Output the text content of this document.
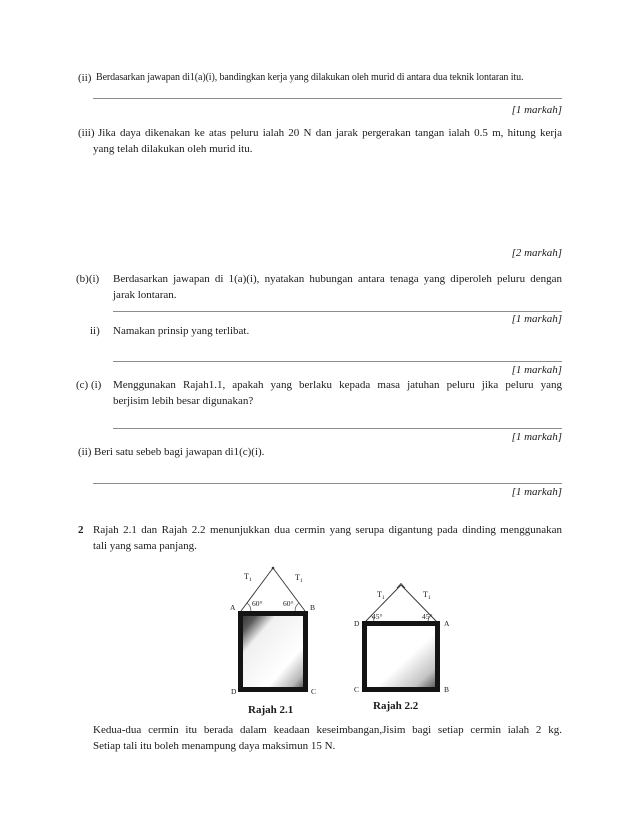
(ii) Berdasarkan jawapan di1(a)(i), bandingkan kerja yang dilakukan oleh murid di antara dua teknik lontaran itu.
[1 markah]
(iii) Jika daya dikenakan ke atas peluru ialah 20 N dan jarak pergerakan tangan ialah 0.5 m, hitung kerja
yang telah dilakukan oleh murid itu.
[2 markah]
(b)(i) Berdasarkan jawapan di 1(a)(i), nyatakan hubungan antara tenaga yang diperoleh peluru dengan
jarak lontaran.
[1 markah]
ii) Namakan prinsip yang terlibat.
[1 markah]
(c) (i) Menggunakan Rajah1.1, apakah yang berlaku kepada masa jatuhan peluru jika peluru yang
berjisim lebih besar digunakan?
[1 markah]
(ii) Beri satu sebeb bagi jawapan di1(c)(i).
[1 markah]
2 Rajah 2.1 dan Rajah 2.2 menunjukkan dua cermin yang serupa digantung pada dinding menggunakan
tali yang sama panjang.
60°	60°
$T_1$	$T_1$
A	B
D	C
45°	45°
$T_1$	$T_1$
D	A
C	B
Rajah 2.1	Rajah 2.2
Kedua-dua cermin itu berada dalam keadaan keseimbangan,Jisim bagi setiap cermin ialah 2 kg.
Setiap tali itu boleh menampung daya maksimun 15 N.
